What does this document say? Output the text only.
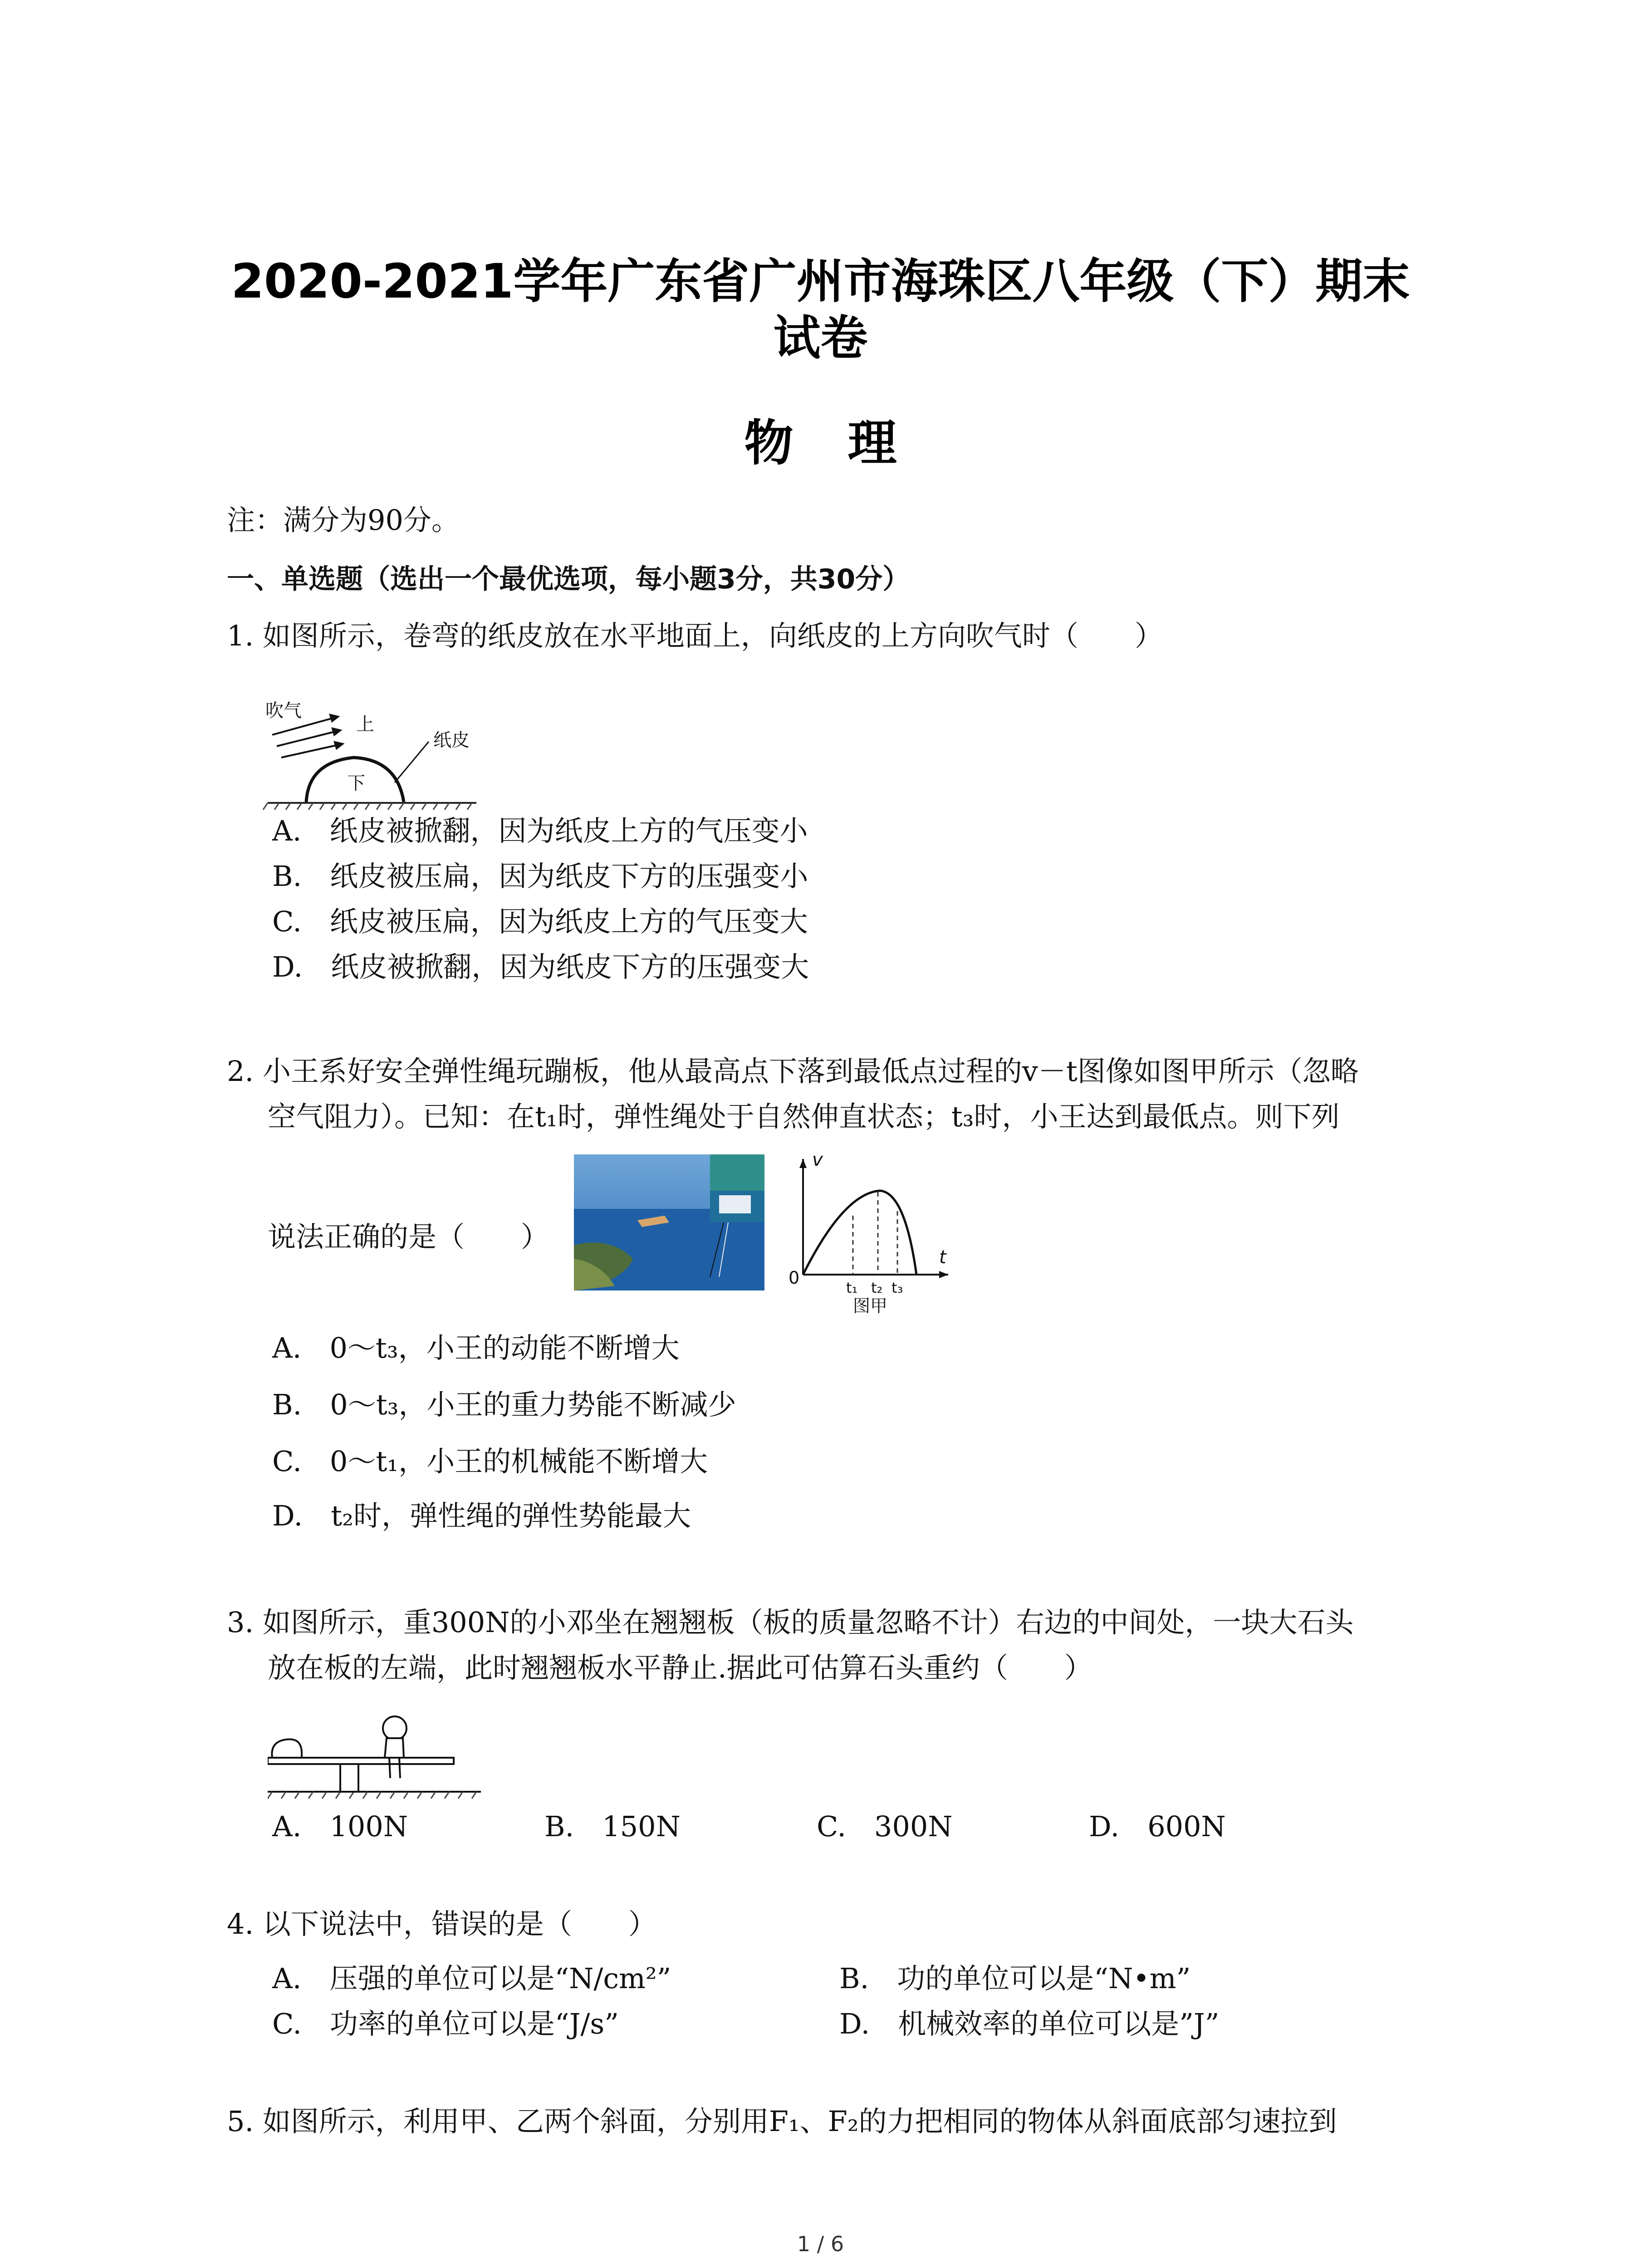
2020-2021学年广东省广州市海珠区八年级（下）期末
试卷
物理
注：满分为90分。
一、单选题（选出一个最优选项，每小题3分，共30分）
1. 如图所示，卷弯的纸皮放在水平地面上，向纸皮的上方向吹气时（　　）
吹气
上
下
纸皮
A.　纸皮被掀翻，因为纸皮上方的气压变小
B.　纸皮被压扁，因为纸皮下方的压强变小
C.　纸皮被压扁，因为纸皮上方的气压变大
D.　纸皮被掀翻，因为纸皮下方的压强变大
2. 小王系好安全弹性绳玩蹦板，他从最高点下落到最低点过程的v－t图像如图甲所示（忽略
空气阻力）。已知：在t₁时，弹性绳处于自然伸直状态；t₃时，小王达到最低点。则下列
说法正确的是（　　）
v
t
0	t₁ t₂ t₃
图甲
A.　0～t₃，小王的动能不断增大
B.　0～t₃，小王的重力势能不断减少
C.　0～t₁，小王的机械能不断增大
D.　t₂时，弹性绳的弹性势能最大
3. 如图所示，重300N的小邓坐在翘翘板（板的质量忽略不计）右边的中间处，一块大石头
放在板的左端，此时翘翘板水平静止.据此可估算石头重约（　　）
A.　100N	B.　150N	C.　300N	D.　600N
4. 以下说法中，错误的是（　　）
A.　压强的单位可以是“N/cm²”	B.　功的单位可以是“N•m”
C.　功率的单位可以是“J/s”	D.　机械效率的单位可以是”J”
5. 如图所示，利用甲、乙两个斜面，分别用F₁、F₂的力把相同的物体从斜面底部匀速拉到
1 / 6
